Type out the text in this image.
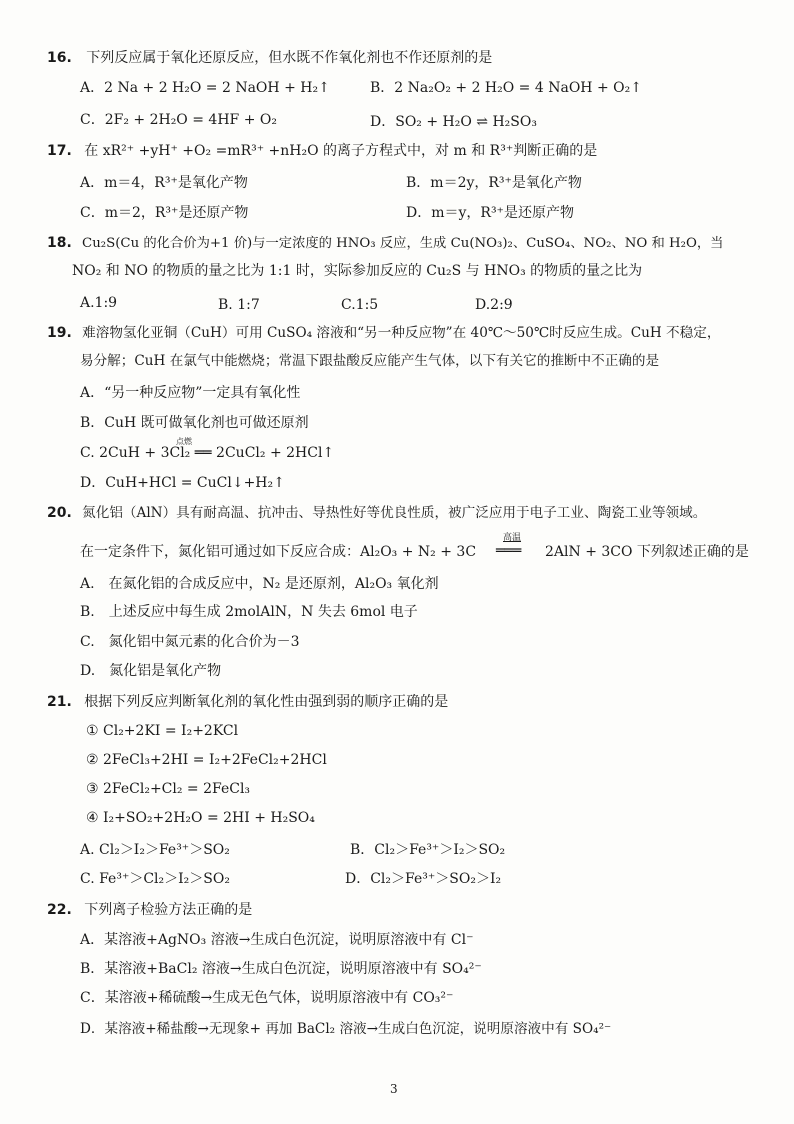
16. 下列反应属于氧化还原反应，但水既不作氧化剂也不作还原剂的是
A．2 Na + 2 H₂O = 2 NaOH + H₂↑	B．2 Na₂O₂ + 2 H₂O = 4 NaOH + O₂↑
C．2F₂ + 2H₂O = 4HF + O₂	D．SO₂ + H₂O ⇌ H₂SO₃
17. 在 xR²⁺ +yH⁺ +O₂ =mR³⁺ +nH₂O 的离子方程式中，对 m 和 R³⁺判断正确的是
A．m＝4，R³⁺是氧化产物	B．m＝2y，R³⁺是氧化产物
C．m＝2，R³⁺是还原产物	D．m＝y，R³⁺是还原产物
18. Cu₂S(Cu 的化合价为+1 价)与一定浓度的 HNO₃ 反应，生成 Cu(NO₃)₂、CuSO₄、NO₂、NO 和 H₂O，当
NO₂ 和 NO 的物质的量之比为 1:1 时，实际参加反应的 Cu₂S 与 HNO₃ 的物质的量之比为
A.1:9	B. 1:7	C.1:5	D.2:9
19. 难溶物氢化亚铜（CuH）可用 CuSO₄ 溶液和“另一种反应物”在 40℃～50℃时反应生成。CuH 不稳定，
易分解；CuH 在氯气中能燃烧；常温下跟盐酸反应能产生气体，以下有关它的推断中不正确的是
A．“另一种反应物”一定具有氧化性
B．CuH 既可做氧化剂也可做还原剂
点燃
C. 2CuH + 3Cl₂ ══ 2CuCl₂ + 2HCl↑
D．CuH+HCl = CuCl↓+H₂↑
20. 氮化铝（AlN）具有耐高温、抗冲击、导热性好等优良性质，被广泛应用于电子工业、陶瓷工业等领域。
在一定条件下，氮化铝可通过如下反应合成：Al₂O₃ + N₂ + 3C
高温
═══ 2AlN + 3CO 下列叙述正确的是
A.　在氮化铝的合成反应中，N₂ 是还原剂，Al₂O₃ 氧化剂
B.　上述反应中每生成 2molAlN，N 失去 6mol 电子
C.　氮化铝中氮元素的化合价为－3
D.　氮化铝是氧化产物
21. 根据下列反应判断氧化剂的氧化性由强到弱的顺序正确的是
① Cl₂+2KI = I₂+2KCl
② 2FeCl₃+2HI = I₂+2FeCl₂+2HCl
③ 2FeCl₂+Cl₂ = 2FeCl₃
④ I₂+SO₂+2H₂O = 2HI + H₂SO₄
A. Cl₂＞I₂＞Fe³⁺＞SO₂	B．Cl₂＞Fe³⁺＞I₂＞SO₂
C. Fe³⁺＞Cl₂＞I₂＞SO₂	D．Cl₂＞Fe³⁺＞SO₂＞I₂
22. 下列离子检验方法正确的是
A．某溶液+AgNO₃ 溶液→生成白色沉淀，说明原溶液中有 Cl⁻
B．某溶液+BaCl₂ 溶液→生成白色沉淀，说明原溶液中有 SO₄²⁻
C．某溶液+稀硫酸→生成无色气体，说明原溶液中有 CO₃²⁻
D．某溶液+稀盐酸→无现象+ 再加 BaCl₂ 溶液→生成白色沉淀，说明原溶液中有 SO₄²⁻
3
